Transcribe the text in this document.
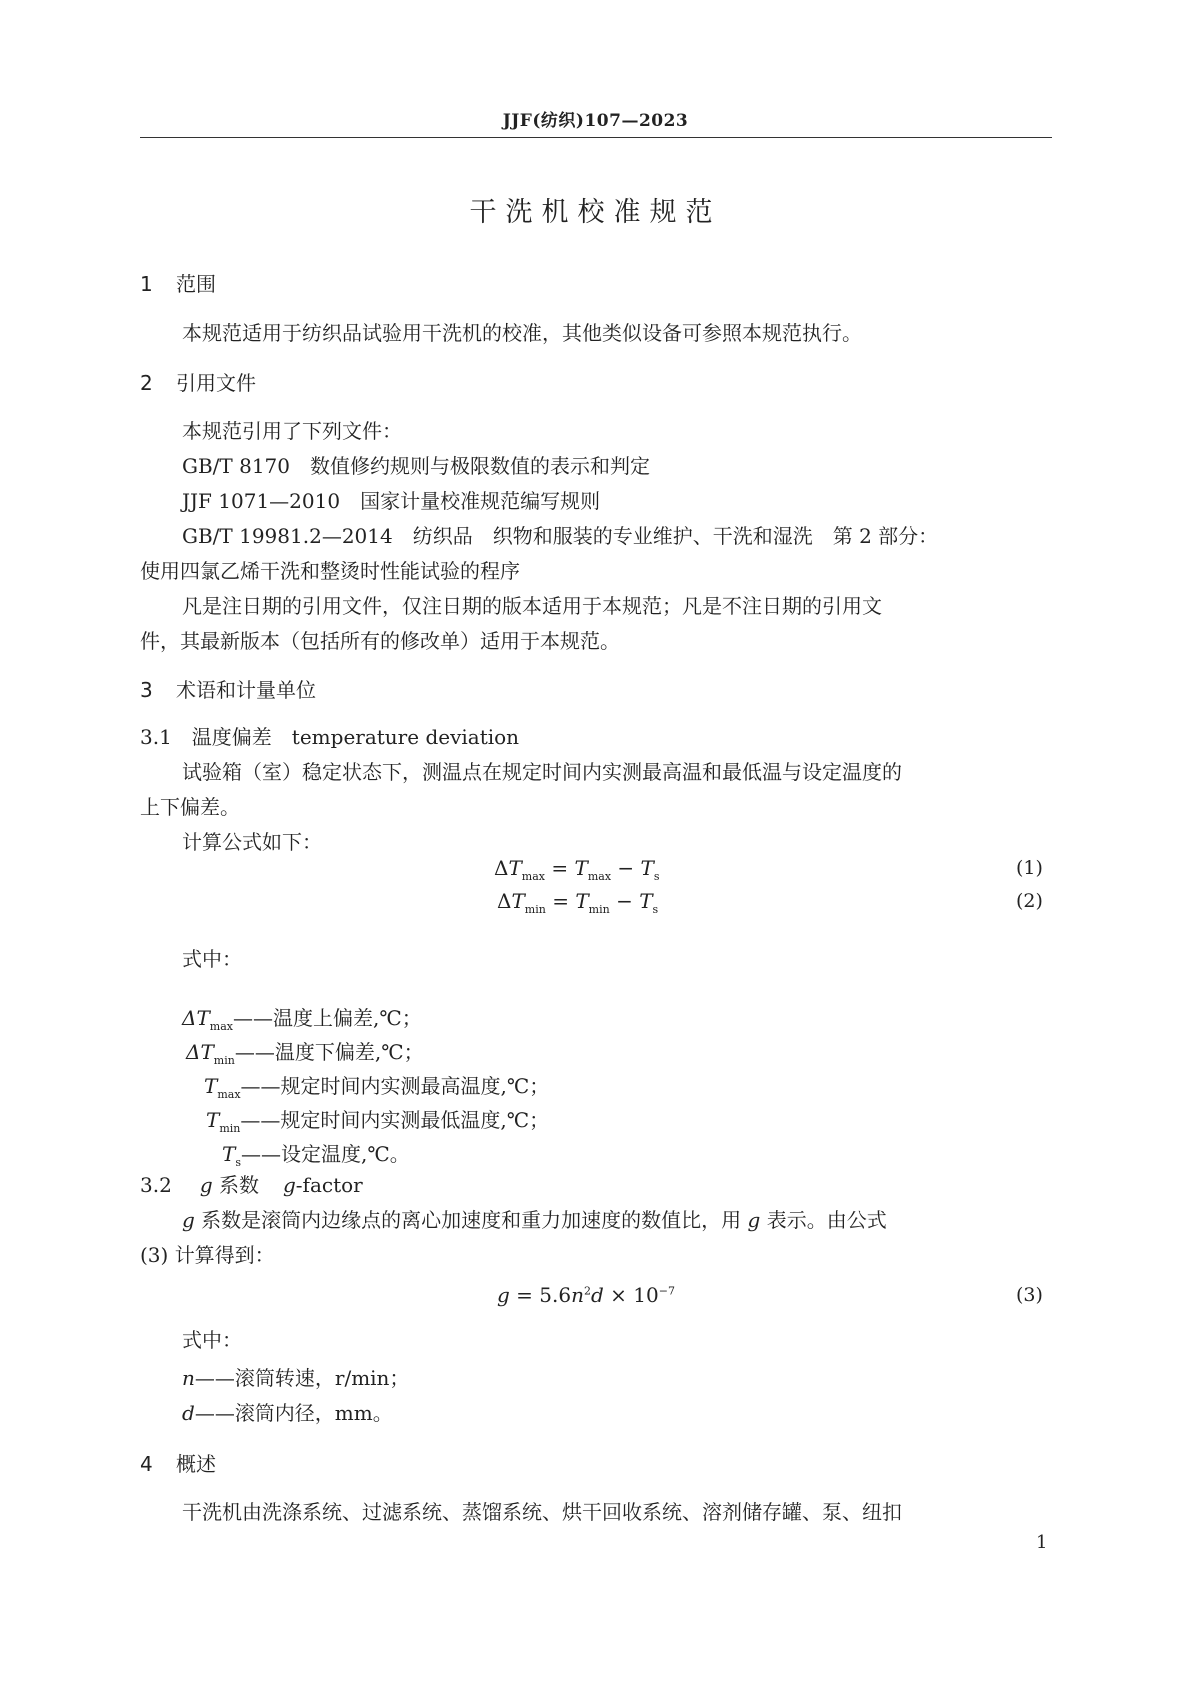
JJF(纺织)107—2023
干洗机校准规范
1 范围
本规范适用于纺织品试验用干洗机的校准，其他类似设备可参照本规范执行。
2 引用文件
本规范引用了下列文件：
GB/T 8170　数值修约规则与极限数值的表示和判定
JJF 1071—2010　国家计量校准规范编写规则
GB/T 19981.2—2014　纺织品　织物和服装的专业维护、干洗和湿洗　第 2 部分：
使用四氯乙烯干洗和整烫时性能试验的程序
凡是注日期的引用文件，仅注日期的版本适用于本规范；凡是不注日期的引用文
件，其最新版本（包括所有的修改单）适用于本规范。
3 术语和计量单位
3.1　温度偏差　temperature deviation
试验箱（室）稳定状态下，测温点在规定时间内实测最高温和最低温与设定温度的
上下偏差。
计算公式如下：
$\Delta T_{max} = T_{max} - T_s$	(1)
$\Delta T_{min} = T_{min} - T_s$	(2)
式中：
$\Delta T_{max}——$温度上偏差,℃；
$\Delta T_{min}——$温度下偏差,℃；
$T_{max}——$规定时间内实测最高温度,℃；
$T_{min}——$规定时间内实测最低温度,℃；
$T_s——$设定温度,℃。
3.2 g 系数 g-factor
g 系数是滚筒内边缘点的离心加速度和重力加速度的数值比，用 g 表示。由公式
(3) 计算得到：
$g = 5.6n^2d \times 10^{-7}$	(3)
式中：
n——滚筒转速，r/min；
d——滚筒内径，mm。
4 概述
干洗机由洗涤系统、过滤系统、蒸馏系统、烘干回收系统、溶剂储存罐、泵、纽扣
1
